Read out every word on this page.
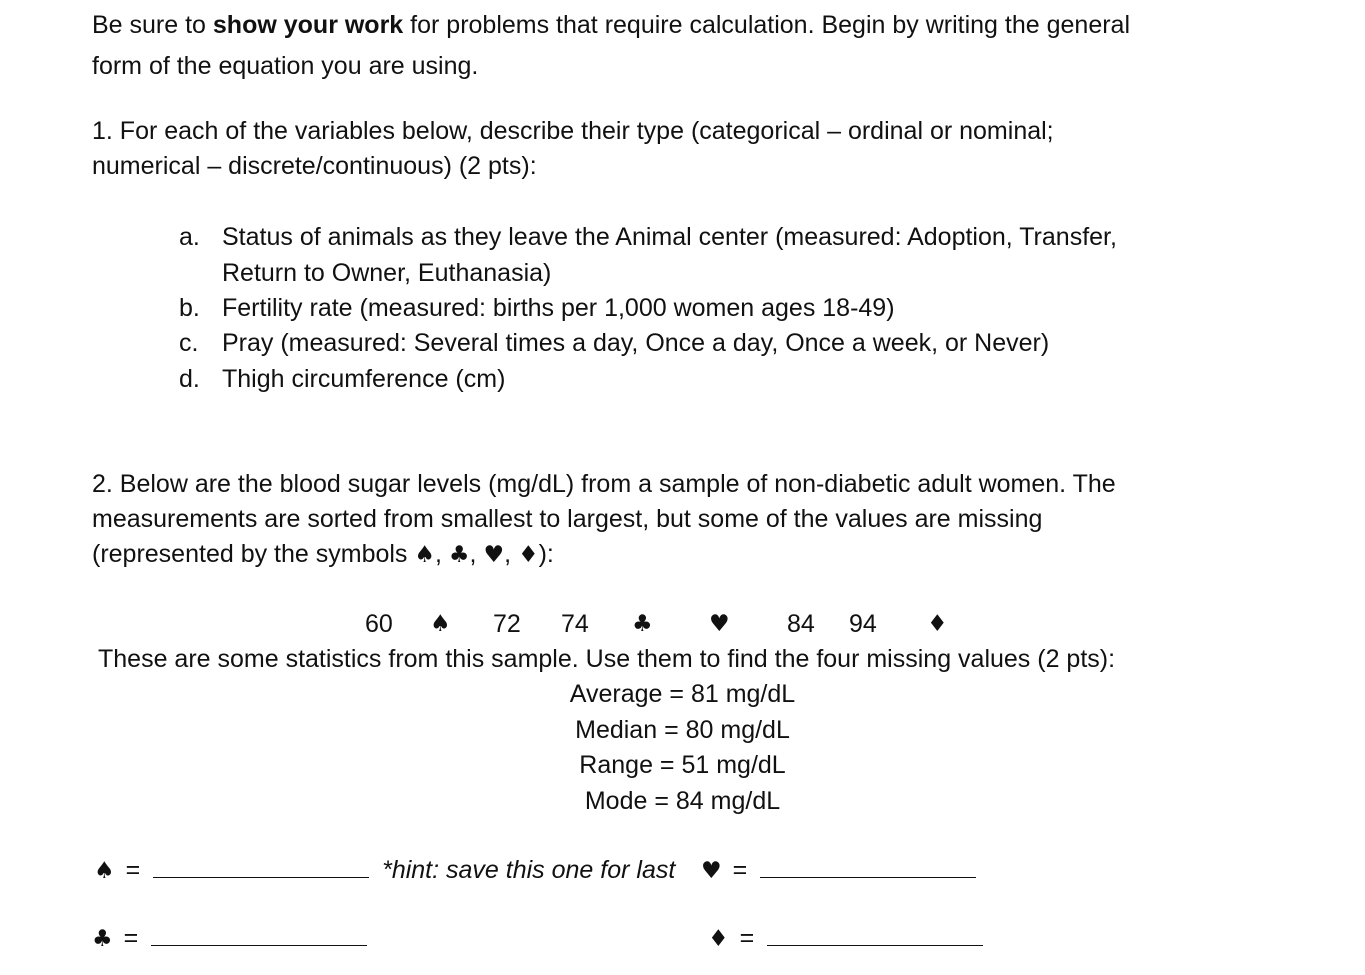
Be sure to show your work for problems that require calculation. Begin by writing the general
form of the equation you are using.
1. For each of the variables below, describe their type (categorical – ordinal or nominal;
numerical – discrete/continuous) (2 pts):
a. Status of animals as they leave the Animal center (measured: Adoption, Transfer,
Return to Owner, Euthanasia)
b. Fertility rate (measured: births per 1,000 women ages 18-49)
c. Pray (measured: Several times a day, Once a day, Once a week, or Never)
d. Thigh circumference (cm)
2. Below are the blood sugar levels (mg/dL) from a sample of non-diabetic adult women. The
measurements are sorted from smallest to largest, but some of the values are missing
(represented by the symbols ♠, ♣, ♥, ♦):
60 ♠ 72 74 ♣ ♥ 84 94 ♦
These are some statistics from this sample. Use them to find the four missing values (2 pts):
Average = 81 mg/dL
Median = 80 mg/dL
Range = 51 mg/dL
Mode = 84 mg/dL
♠ =	*hint: save this one for last ♥ =
♣ =	♦ =
